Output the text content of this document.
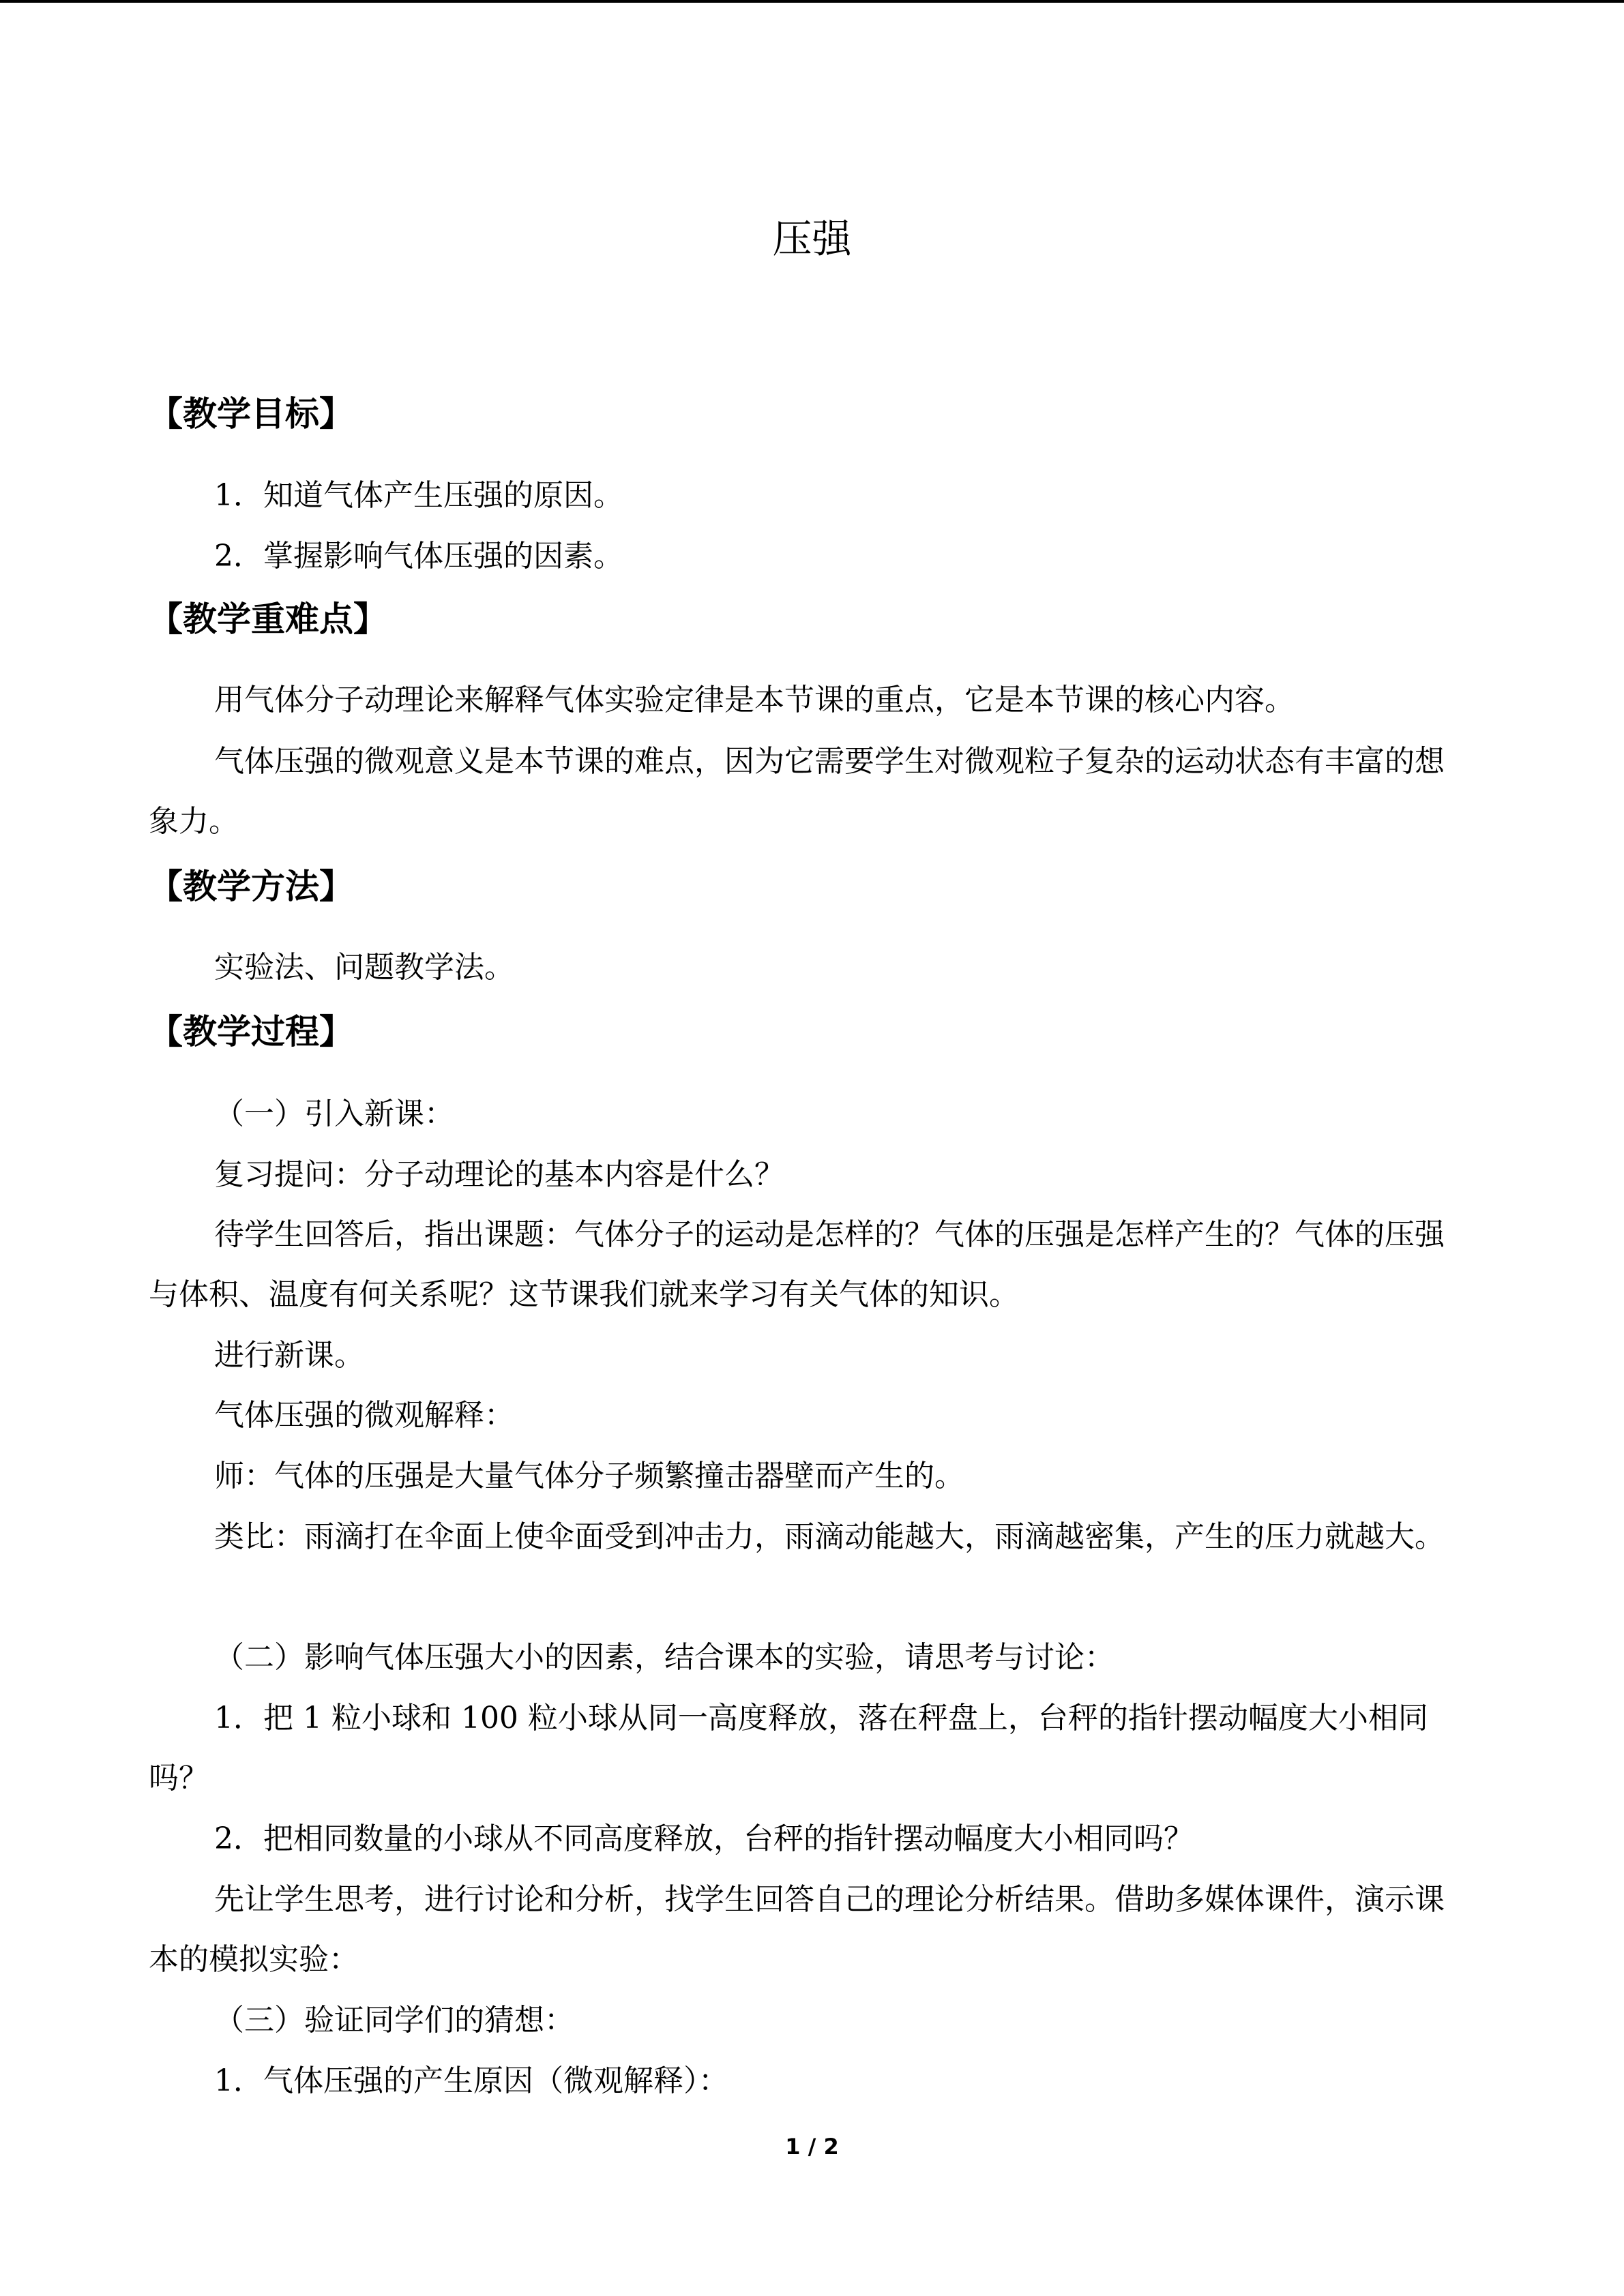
压强
【教学目标】

1．知道气体产生压强的原因。

2．掌握影响气体压强的因素。

【教学重难点】

用气体分子动理论来解释气体实验定律是本节课的重点，它是本节课的核心内容。

气体压强的微观意义是本节课的难点，因为它需要学生对微观粒子复杂的运动状态有丰富的想象力。

【教学方法】

实验法、问题教学法。

【教学过程】

（一）引入新课：

复习提问：分子动理论的基本内容是什么？

待学生回答后，指出课题：气体分子的运动是怎样的？气体的压强是怎样产生的？气体的压强与体积、温度有何关系呢？这节课我们就来学习有关气体的知识。

进行新课。

气体压强的微观解释：

师：气体的压强是大量气体分子频繁撞击器壁而产生的。

类比：雨滴打在伞面上使伞面受到冲击力，雨滴动能越大，雨滴越密集，产生的压力就越大。

（二）影响气体压强大小的因素，结合课本的实验，请思考与讨论：

1．把 1 粒小球和 100 粒小球从同一高度释放，落在秤盘上，台秤的指针摆动幅度大小相同吗？

2．把相同数量的小球从不同高度释放，台秤的指针摆动幅度大小相同吗？

先让学生思考，进行讨论和分析，找学生回答自己的理论分析结果。借助多媒体课件，演示课本的模拟实验：

（三）验证同学们的猜想：

1．气体压强的产生原因（微观解释）：

1 / 2
